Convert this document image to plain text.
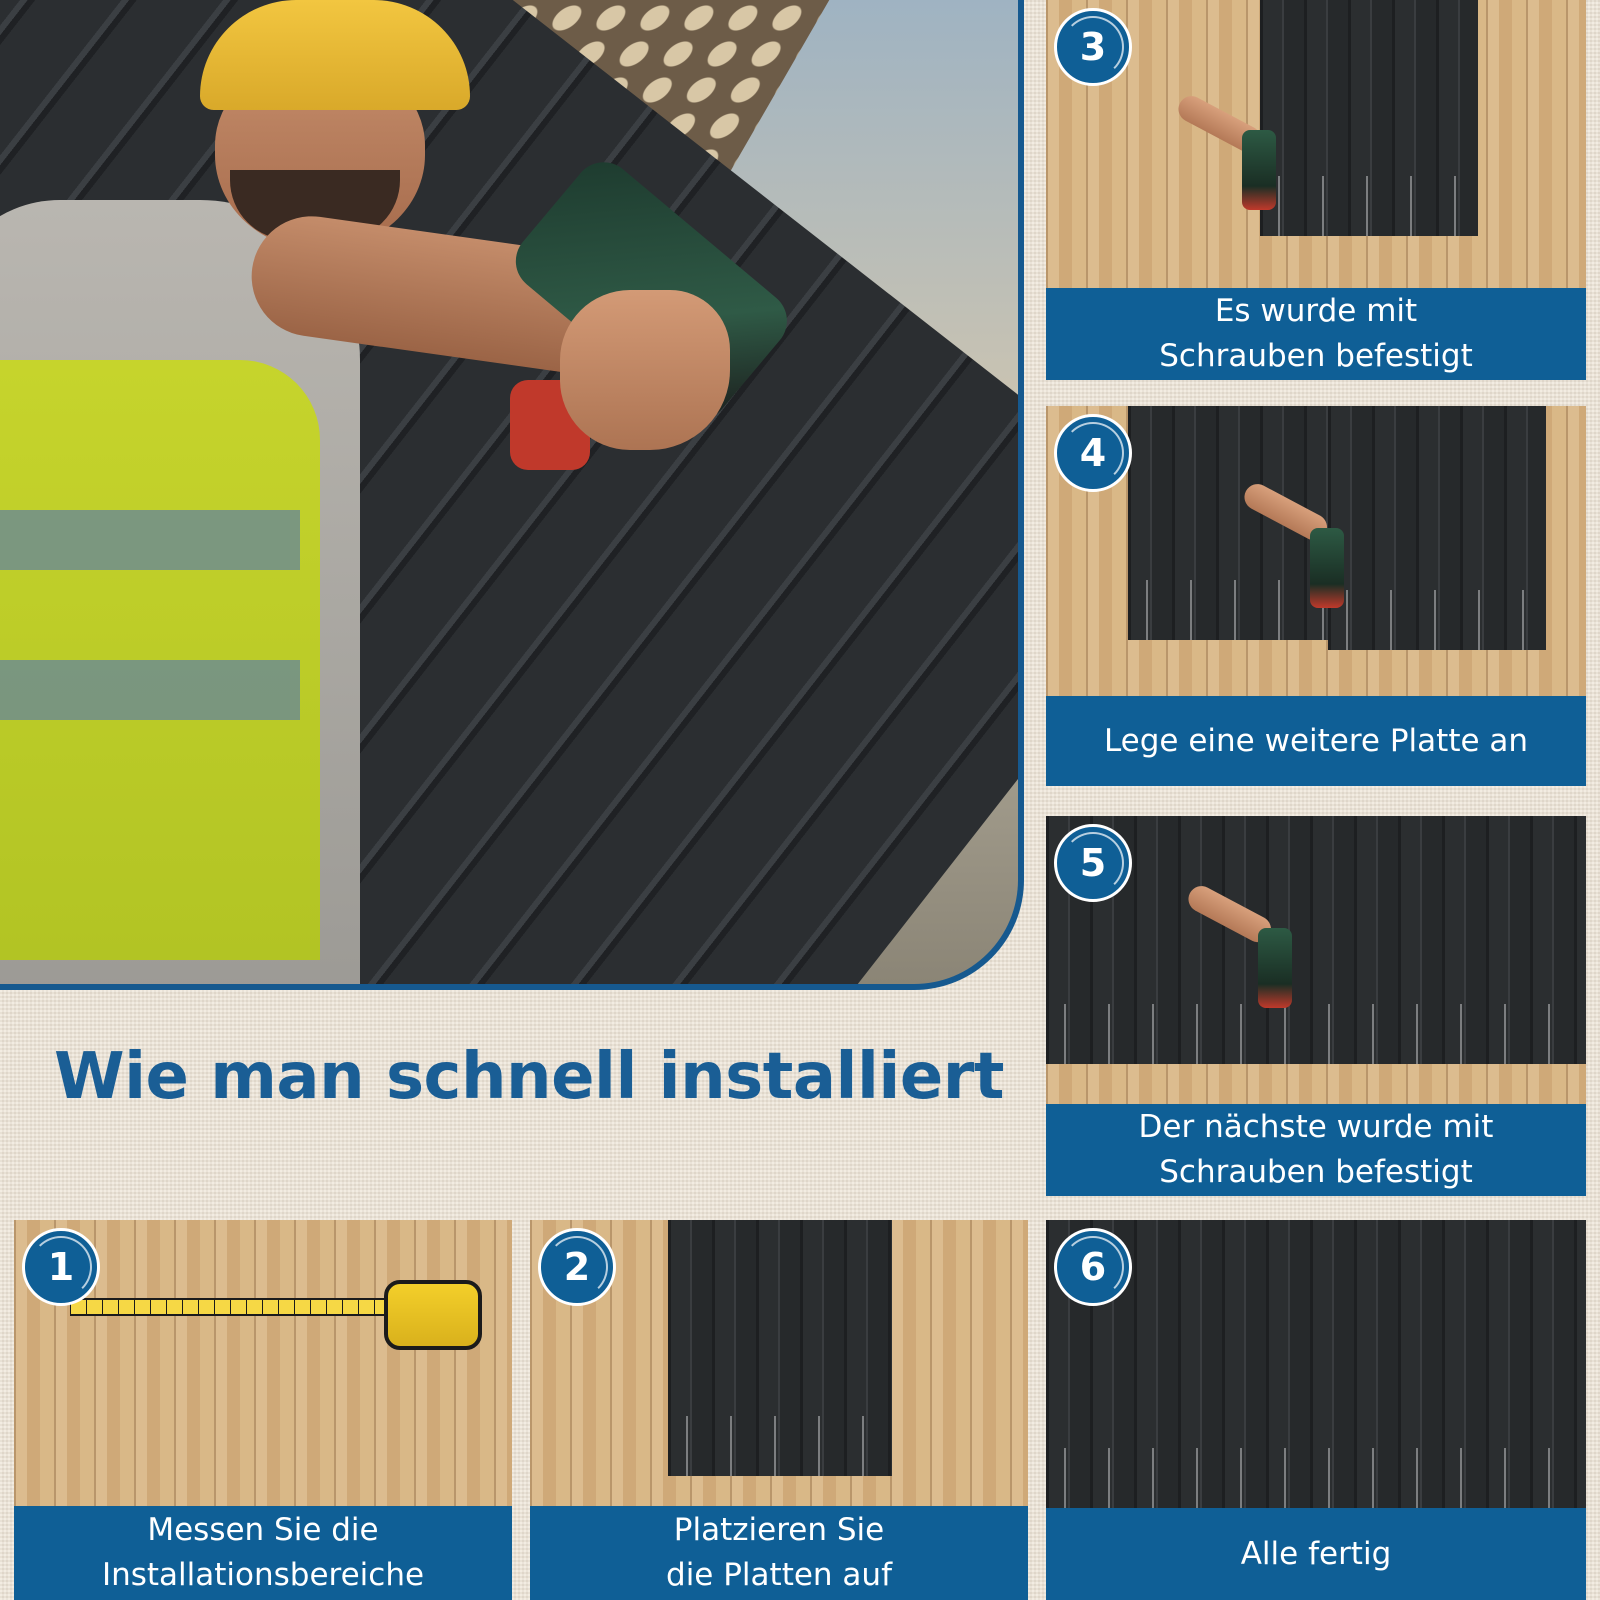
Wie man schnell installiert
Es wurde mit
Schrauben befestigt
3
Lege eine weitere Platte an
4
Der nächste wurde mit
Schrauben befestigt
5
Messen Sie die
Installationsbereiche
1
Platzieren Sie
die Platten auf
2
Alle fertig
6
